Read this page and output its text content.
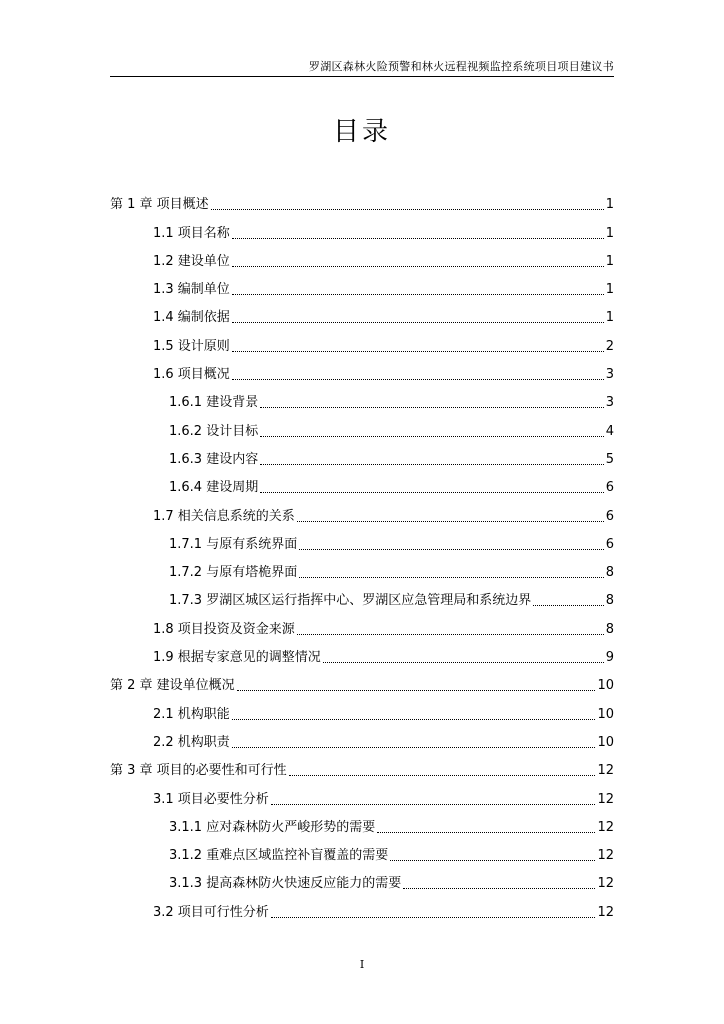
罗湖区森林火险预警和林火远程视频监控系统项目项目建议书
目录
第 1 章 项目概述	1
1.1 项目名称	1
1.2 建设单位	1
1.3 编制单位	1
1.4 编制依据	1
1.5 设计原则	2
1.6 项目概况	3
1.6.1 建设背景	3
1.6.2 设计目标	4
1.6.3 建设内容	5
1.6.4 建设周期	6
1.7 相关信息系统的关系	6
1.7.1 与原有系统界面	6
1.7.2 与原有塔桅界面	8
1.7.3 罗湖区城区运行指挥中心、罗湖区应急管理局和系统边界	8
1.8 项目投资及资金来源	8
1.9 根据专家意见的调整情况	9
第 2 章 建设单位概况	10
2.1 机构职能	10
2.2 机构职责	10
第 3 章 项目的必要性和可行性	12
3.1 项目必要性分析	12
3.1.1 应对森林防火严峻形势的需要	12
3.1.2 重难点区域监控补盲覆盖的需要	12
3.1.3 提高森林防火快速反应能力的需要	12
3.2 项目可行性分析	12
I
